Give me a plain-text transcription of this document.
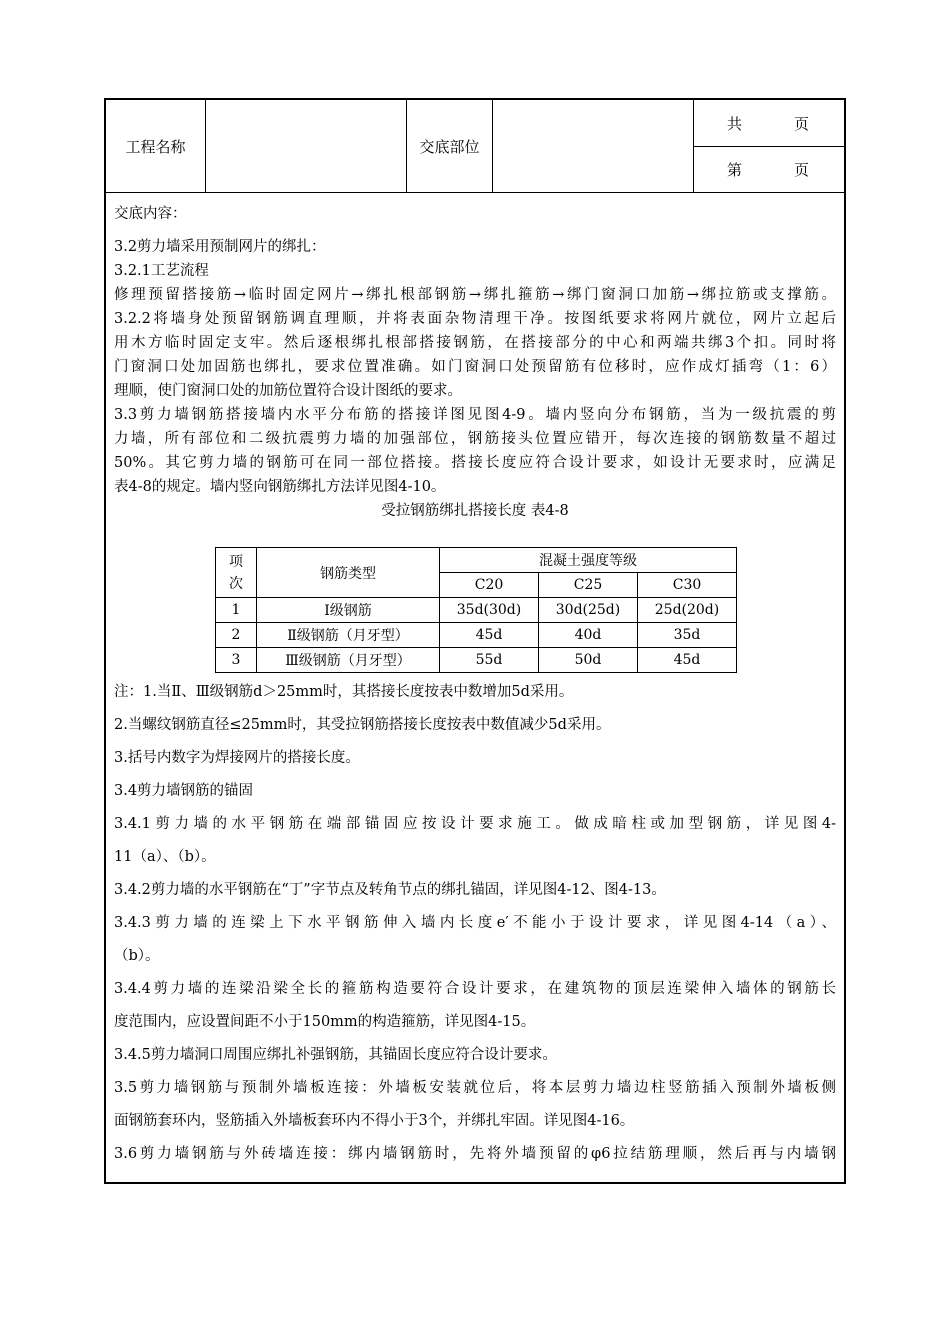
工程名称	交底部位
共	页
第	页

交底内容：

3.2剪力墙采用预制网片的绑扎：

3.2.1工艺流程

修理预留搭接筋→临时固定网片→绑扎根部钢筋→绑扎箍筋→绑门窗洞口加筋→绑拉筋或支撑筋。

3.2.2将墙身处预留钢筋调直理顺，并将表面杂物清理干净。按图纸要求将网片就位，网片立起后

用木方临时固定支牢。然后逐根绑扎根部搭接钢筋，在搭接部分的中心和两端共绑3个扣。同时将

门窗洞口处加固筋也绑扎，要求位置准确。如门窗洞口处预留筋有位移时，应作成灯插弯（1：6）

理顺，使门窗洞口处的加筋位置符合设计图纸的要求。

3.3剪力墙钢筋搭接墙内水平分布筋的搭接详图见图4-9。墙内竖向分布钢筋，当为一级抗震的剪

力墙，所有部位和二级抗震剪力墙的加强部位，钢筋接头位置应错开，每次连接的钢筋数量不超过

50%。其它剪力墙的钢筋可在同一部位搭接。搭接长度应符合设计要求，如设计无要求时，应满足

表4-8的规定。墙内竖向钢筋绑扎方法详见图4-10。

受拉钢筋绑扎搭接长度 表4-8
项次	钢筋类型	混凝土强度等级		
		C20	C25	C30
1	Ⅰ级钢筋	35d(30d)	30d(25d)	25d(20d)
2	Ⅱ级钢筋（月牙型）	45d	40d	35d
3	Ⅲ级钢筋（月牙型）	55d	50d	45d

注：1.当Ⅱ、Ⅲ级钢筋d＞25mm时，其搭接长度按表中数增加5d采用。

2.当螺纹钢筋直径≤25mm时，其受拉钢筋搭接长度按表中数值减少5d采用。

3.括号内数字为焊接网片的搭接长度。

3.4剪力墙钢筋的锚固

3.4.1剪力墙的水平钢筋在端部锚固应按设计要求施工。做成暗柱或加型钢筋，详见图4-

11（a）、（b）。

3.4.2剪力墙的水平钢筋在“丁”字节点及转角节点的绑扎锚固，详见图4-12、图4-13。

3.4.3剪力墙的连梁上下水平钢筋伸入墙内长度e′不能小于设计要求，详见图4-14（a）、

（b）。

3.4.4剪力墙的连梁沿梁全长的箍筋构造要符合设计要求，在建筑物的顶层连梁伸入墙体的钢筋长

度范围内，应设置间距不小于150mm的构造箍筋，详见图4-15。

3.4.5剪力墙洞口周围应绑扎补强钢筋，其锚固长度应符合设计要求。

3.5剪力墙钢筋与预制外墙板连接：外墙板安装就位后，将本层剪力墙边柱竖筋插入预制外墙板侧

面钢筋套环内，竖筋插入外墙板套环内不得小于3个，并绑扎牢固。详见图4-16。

3.6剪力墙钢筋与外砖墙连接：绑内墙钢筋时，先将外墙预留的φ6拉结筋理顺，然后再与内墙钢
